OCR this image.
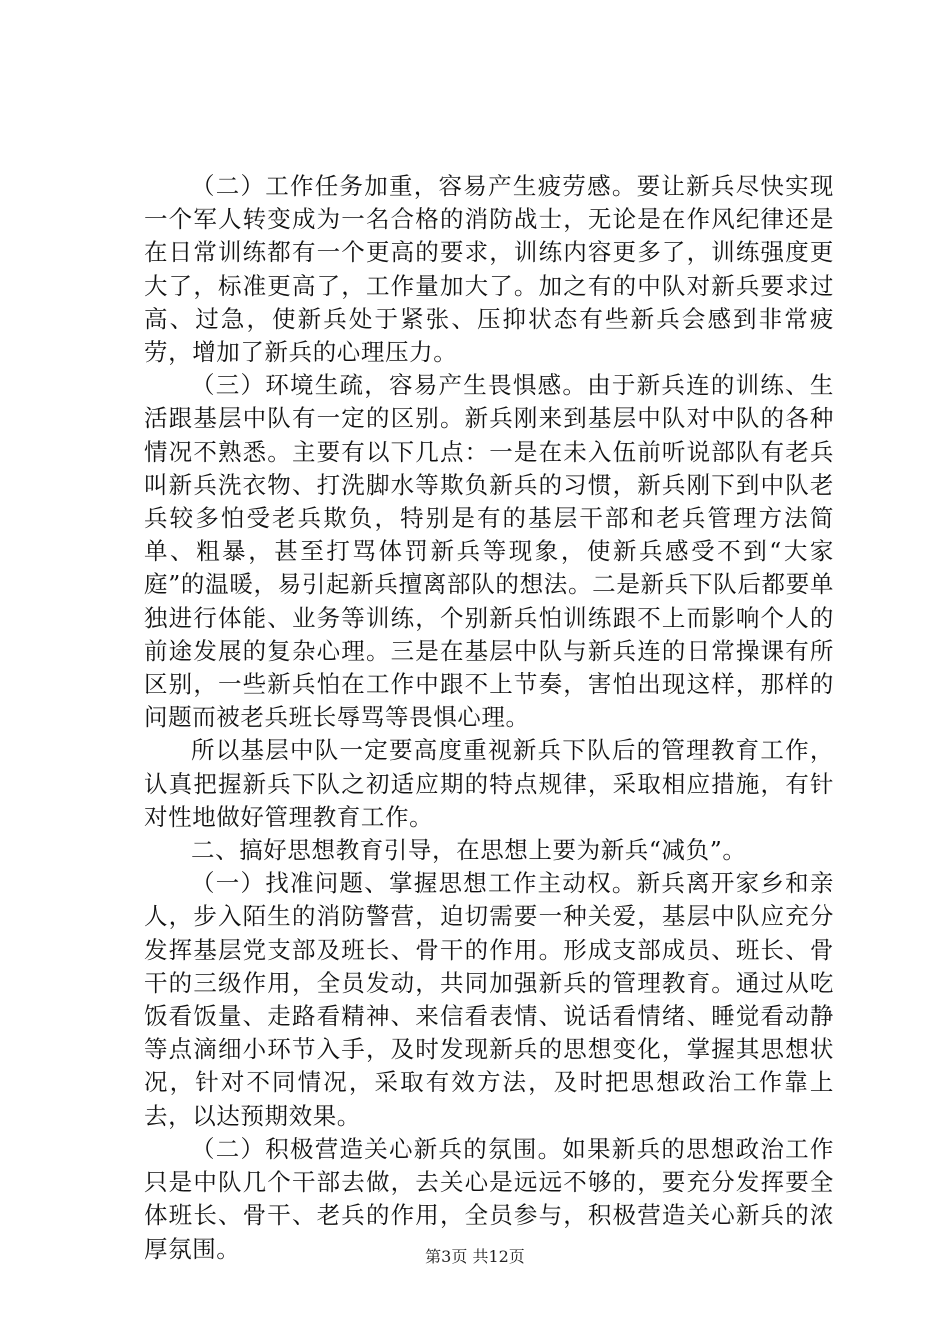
（二）工作任务加重，容易产生疲劳感。要让新兵尽快实现一个军人转变成为一名合格的消防战士，无论是在作风纪律还是在日常训练都有一个更高的要求，训练内容更多了，训练强度更大了，标准更高了，工作量加大了。加之有的中队对新兵要求过高、过急，使新兵处于紧张、压抑状态有些新兵会感到非常疲劳，增加了新兵的心理压力。

（三）环境生疏，容易产生畏惧感。由于新兵连的训练、生活跟基层中队有一定的区别。新兵刚来到基层中队对中队的各种情况不熟悉。主要有以下几点：一是在未入伍前听说部队有老兵叫新兵洗衣物、打洗脚水等欺负新兵的习惯，新兵刚下到中队老兵较多怕受老兵欺负，特别是有的基层干部和老兵管理方法简单、粗暴，甚至打骂体罚新兵等现象，使新兵感受不到“大家庭”的温暖，易引起新兵擅离部队的想法。二是新兵下队后都要单独进行体能、业务等训练，个别新兵怕训练跟不上而影响个人的前途发展的复杂心理。三是在基层中队与新兵连的日常操课有所区别，一些新兵怕在工作中跟不上节奏，害怕出现这样，那样的问题而被老兵班长辱骂等畏惧心理。

所以基层中队一定要高度重视新兵下队后的管理教育工作，认真把握新兵下队之初适应期的特点规律，采取相应措施，有针对性地做好管理教育工作。

二、搞好思想教育引导，在思想上要为新兵“减负”。

（一）找准问题、掌握思想工作主动权。新兵离开家乡和亲人，步入陌生的消防警营，迫切需要一种关爱，基层中队应充分发挥基层党支部及班长、骨干的作用。形成支部成员、班长、骨干的三级作用，全员发动，共同加强新兵的管理教育。通过从吃饭看饭量、走路看精神、来信看表情、说话看情绪、睡觉看动静等点滴细小环节入手，及时发现新兵的思想变化，掌握其思想状况，针对不同情况，采取有效方法，及时把思想政治工作靠上去，以达预期效果。

（二）积极营造关心新兵的氛围。如果新兵的思想政治工作只是中队几个干部去做，去关心是远远不够的，要充分发挥要全体班长、骨干、老兵的作用，全员参与，积极营造关心新兵的浓厚氛围。	第3页 共12页
